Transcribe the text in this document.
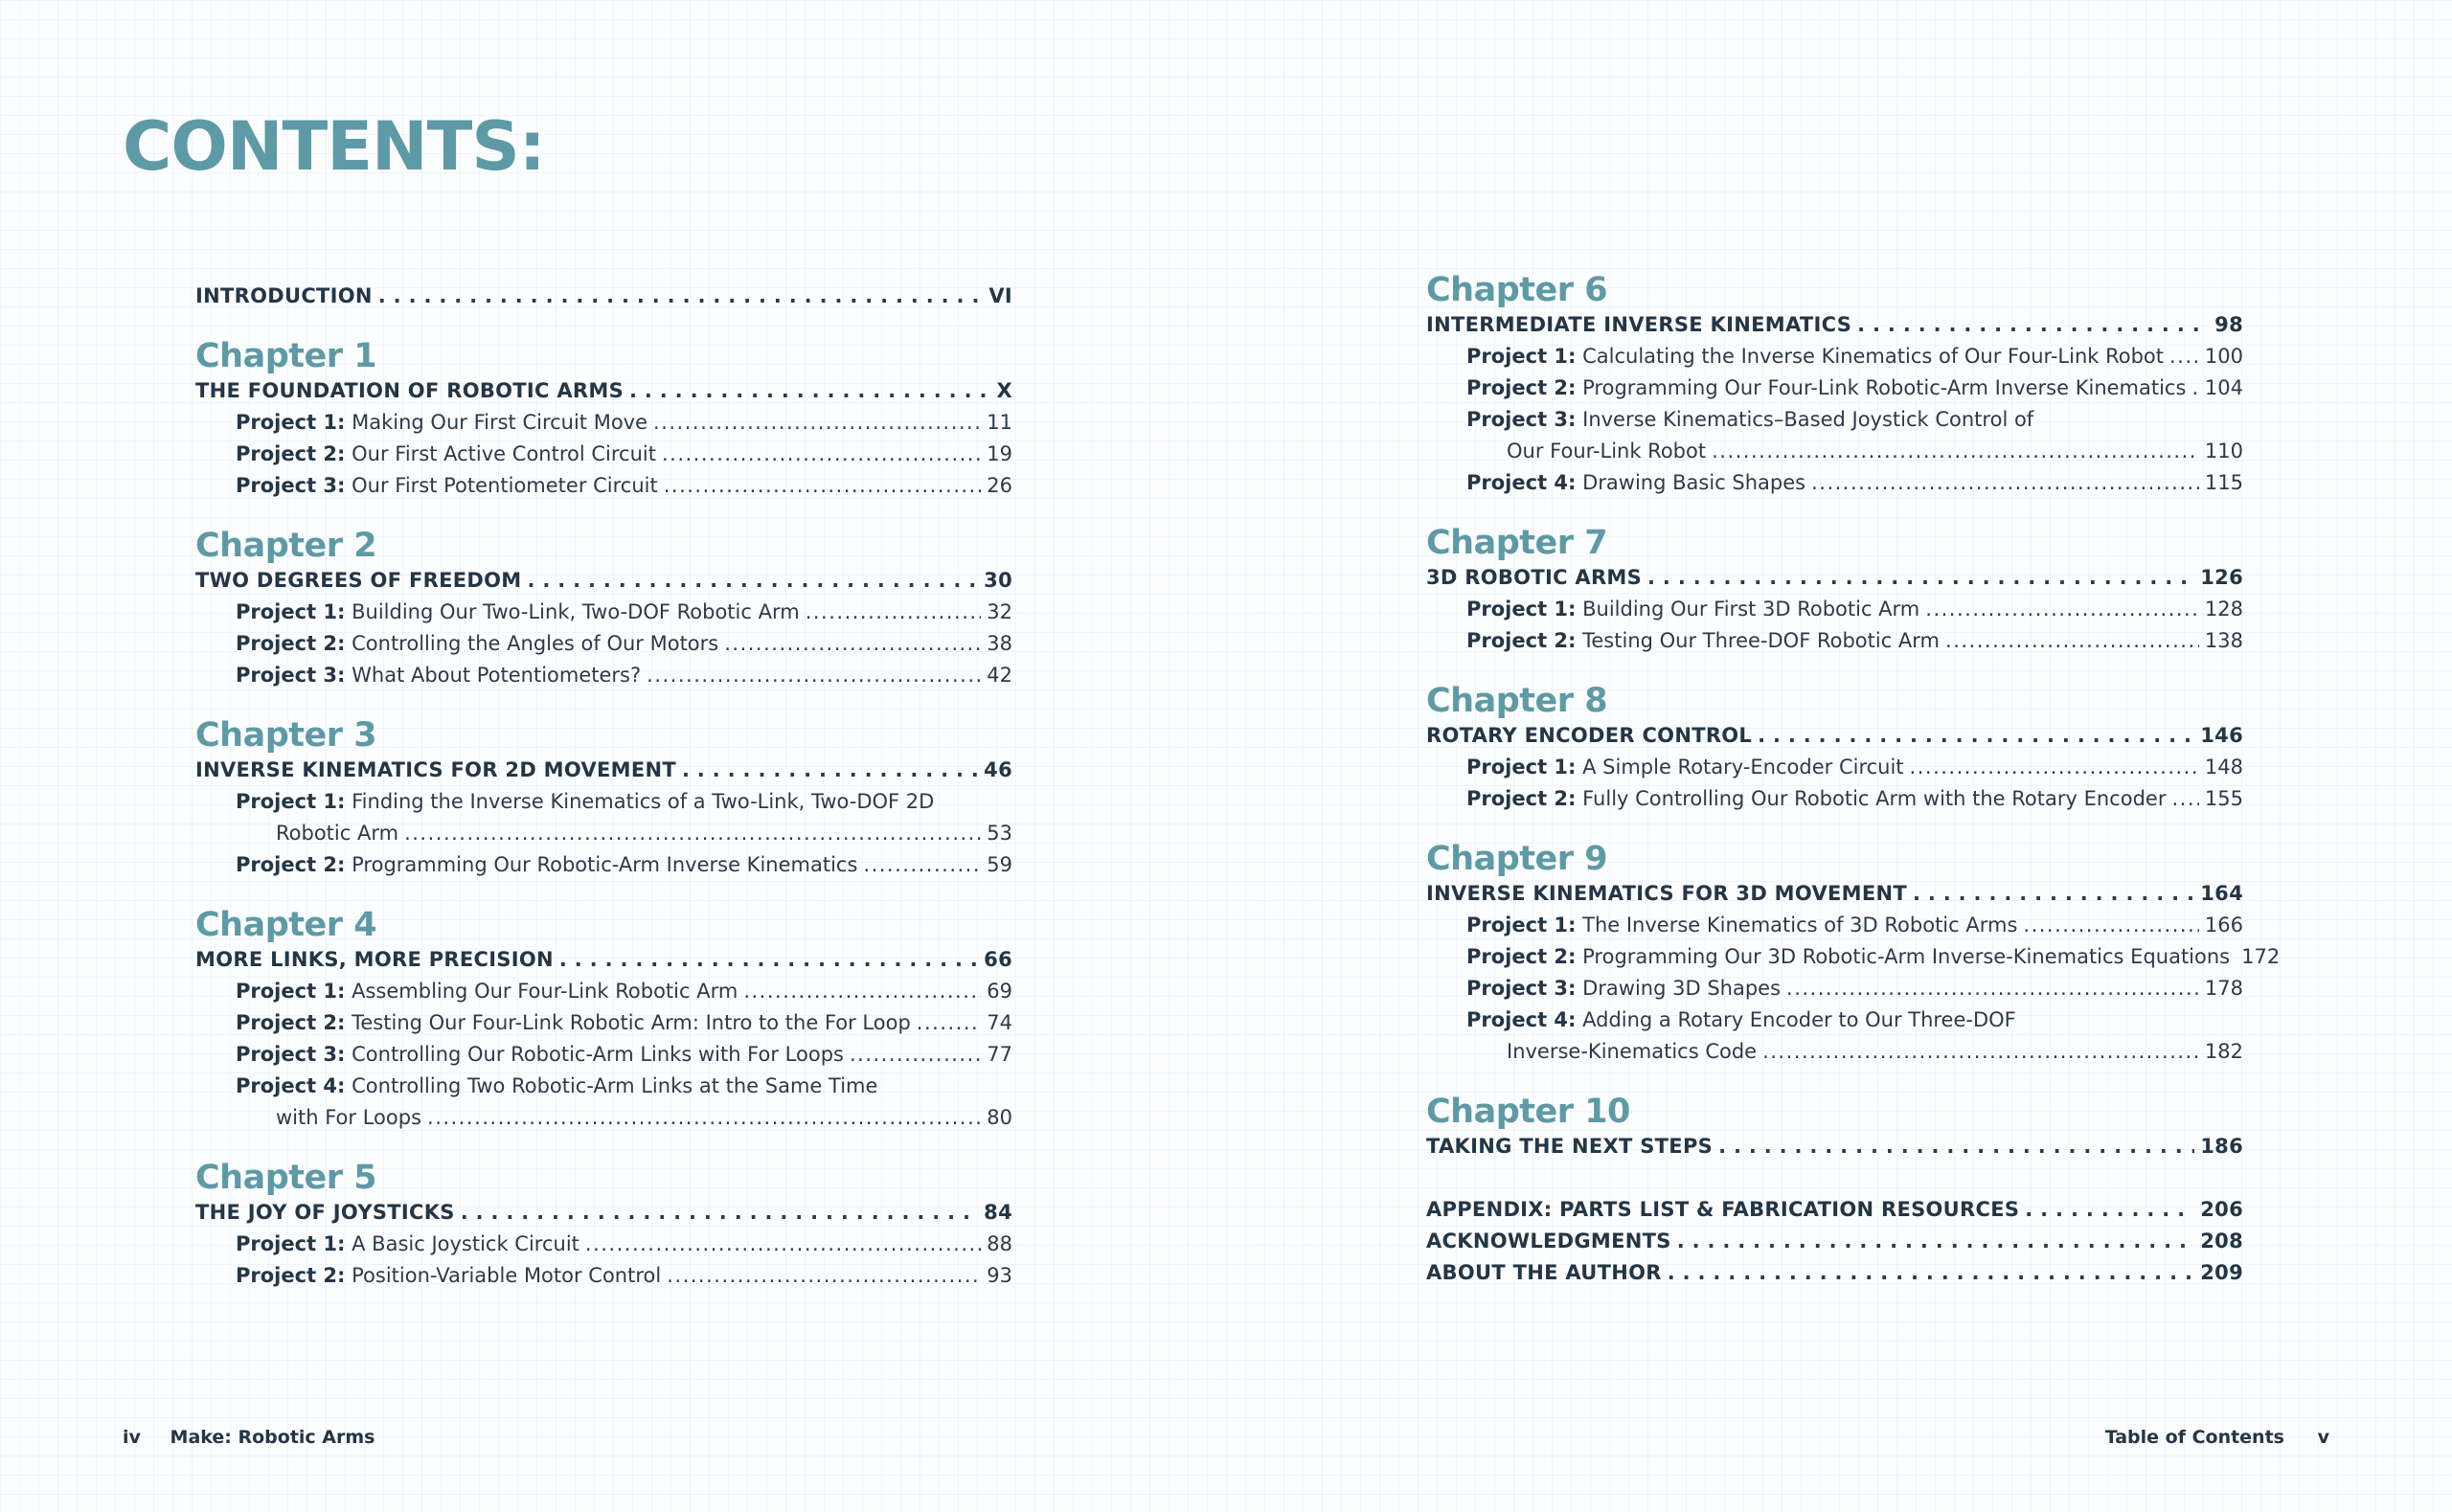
CONTENTS:
INTRODUCTION . . .	VI
Chapter 1
THE FOUNDATION OF ROBOTIC ARMS . . .	X
Project 1:
Making Our First Circuit Move .....	11
Project 2:
Our First Active Control Circuit .....	19
Project 3:
Our First Potentiometer Circuit .....	26
Chapter 2
TWO DEGREES OF FREEDOM . . .	30
Project 1:
Building Our Two-Link, Two-DOF Robotic Arm .....	32
Project 2:
Controlling the Angles of Our Motors .....	38
Project 3:
What About Potentiometers? .....	42
Chapter 3
INVERSE KINEMATICS FOR 2D MOVEMENT . . .	46
Project 1:
Finding the Inverse Kinematics of a Two-Link, Two-DOF 2D
Robotic Arm .....	53
Project 2:
Programming Our Robotic-Arm Inverse Kinematics .....	59
Chapter 4
MORE LINKS, MORE PRECISION . . .	66
Project 1:
Assembling Our Four-Link Robotic Arm .....	69
Project 2:
Testing Our Four-Link Robotic Arm: Intro to the For Loop .....	74
Project 3:
Controlling Our Robotic-Arm Links with For Loops .....	77
Project 4:
Controlling Two Robotic-Arm Links at the Same Time
with For Loops .....	80
Chapter 5
THE JOY OF JOYSTICKS . . .	84
Project 1:
A Basic Joystick Circuit .....	88
Project 2:
Position-Variable Motor Control .....	93
Chapter 6
INTERMEDIATE INVERSE KINEMATICS . . .	98
Project 1:
Calculating the Inverse Kinematics of Our Four-Link Robot ..... 100
Project 2:
Programming Our Four-Link Robotic-Arm Inverse Kinematics ..... 104
Project 3:
Inverse Kinematics–Based Joystick Control of
Our Four-Link Robot .....	110
Project 4:
Drawing Basic Shapes .....	115
Chapter 7
3D ROBOTIC ARMS . . .	126
Project 1:
Building Our First 3D Robotic Arm .....	128
Project 2:
Testing Our Three-DOF Robotic Arm .....	138
Chapter 8
ROTARY ENCODER CONTROL . . .	146
Project 1:
A Simple Rotary-Encoder Circuit .....	148
Project 2:
Fully Controlling Our Robotic Arm with the Rotary Encoder ..... 155
Chapter 9
INVERSE KINEMATICS FOR 3D MOVEMENT . . .	164
Project 1:
The Inverse Kinematics of 3D Robotic Arms .....	166
Project 2:
Programming Our 3D Robotic-Arm Inverse-Kinematics Equations 172
Project 3:
Drawing 3D Shapes .....	178
Project 4:
Adding a Rotary Encoder to Our Three-DOF
Inverse-Kinematics Code .....	182
Chapter 10
TAKING THE NEXT STEPS . . .	186
APPENDIX: PARTS LIST & FABRICATION RESOURCES . . .	206
ACKNOWLEDGMENTS . . .	208
ABOUT THE AUTHOR . . .	209
iv Make: Robotic Arms	Table of Contents v
